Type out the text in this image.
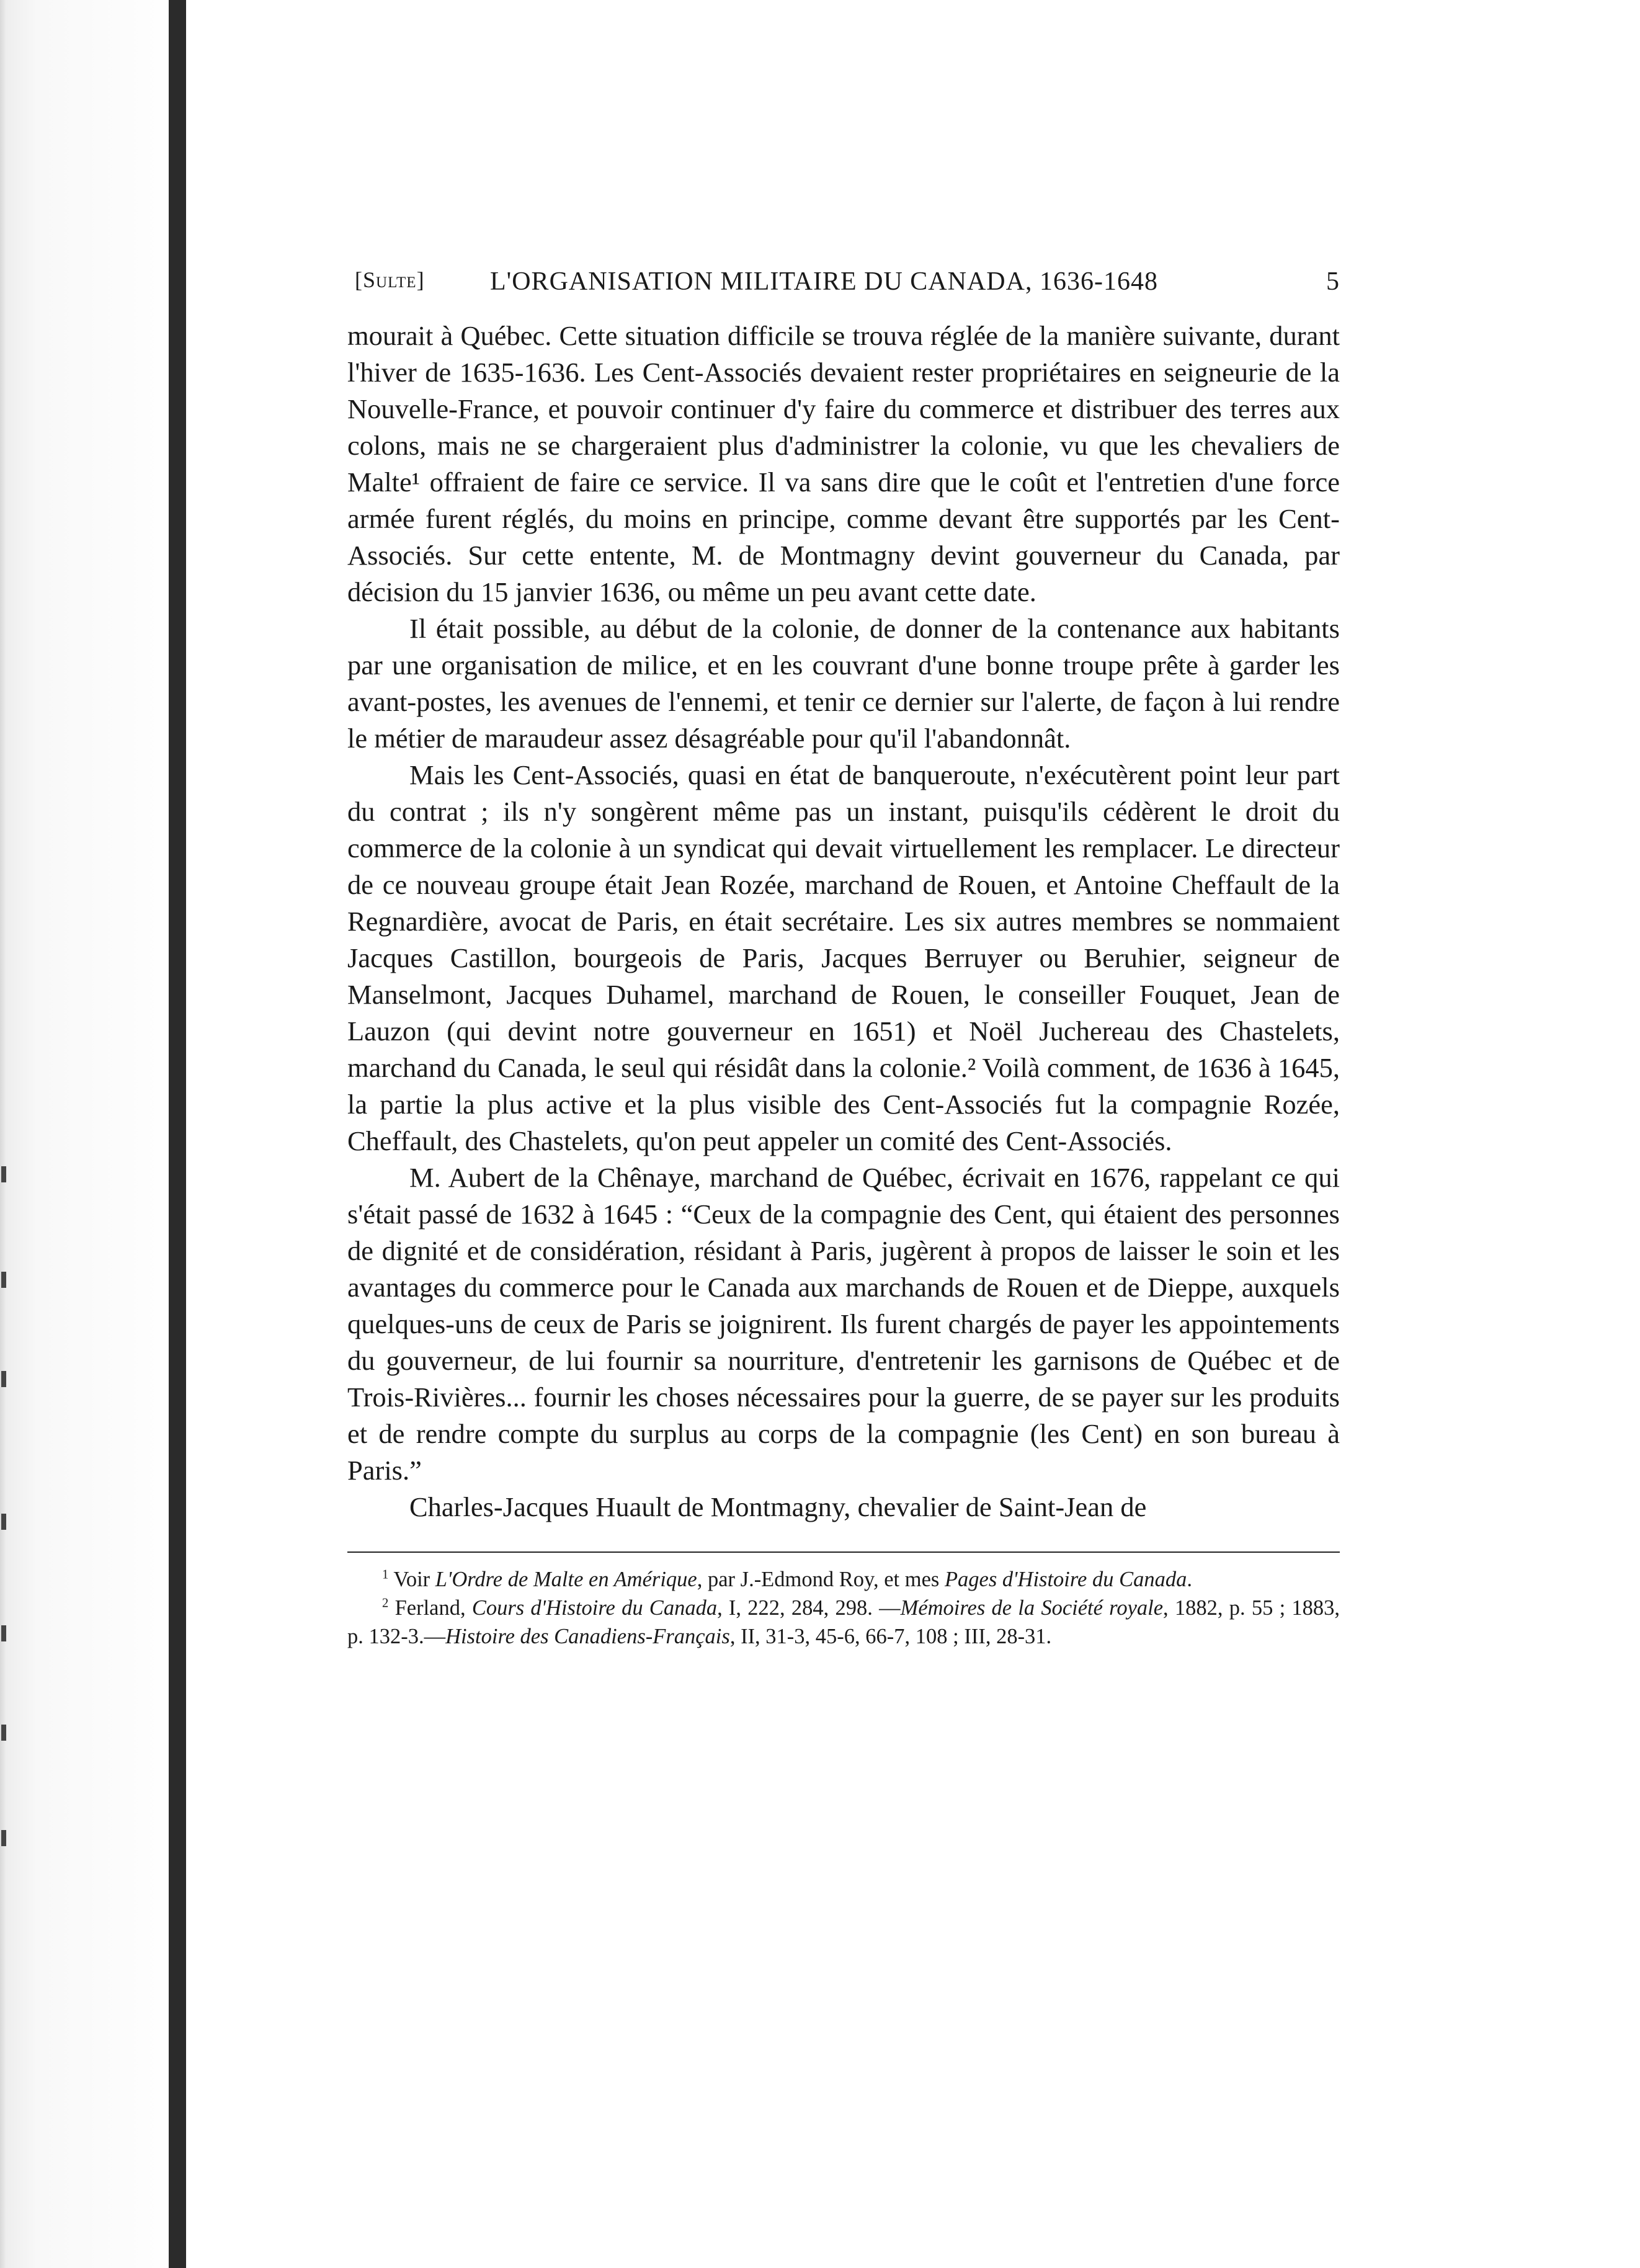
[Sulte]	L'ORGANISATION MILITAIRE DU CANADA, 1636-1648	5

mourait à Québec. Cette situation difficile se trouva réglée de la manière suivante, durant l'hiver de 1635-1636. Les Cent-Associés devaient rester propriétaires en seigneurie de la Nouvelle-France, et pouvoir continuer d'y faire du commerce et distribuer des terres aux colons, mais ne se chargeraient plus d'administrer la colonie, vu que les chevaliers de Malte¹ offraient de faire ce service. Il va sans dire que le coût et l'entretien d'une force armée furent réglés, du moins en principe, comme devant être supportés par les Cent-Associés. Sur cette entente, M. de Montmagny devint gouverneur du Canada, par décision du 15 janvier 1636, ou même un peu avant cette date.

Il était possible, au début de la colonie, de donner de la contenance aux habitants par une organisation de milice, et en les couvrant d'une bonne troupe prête à garder les avant-postes, les avenues de l'ennemi, et tenir ce dernier sur l'alerte, de façon à lui rendre le métier de maraudeur assez désagréable pour qu'il l'abandonnât.

Mais les Cent-Associés, quasi en état de banqueroute, n'exécutèrent point leur part du contrat ; ils n'y songèrent même pas un instant, puisqu'ils cédèrent le droit du commerce de la colonie à un syndicat qui devait virtuellement les remplacer. Le directeur de ce nouveau groupe était Jean Rozée, marchand de Rouen, et Antoine Cheffault de la Regnardière, avocat de Paris, en était secrétaire. Les six autres membres se nommaient Jacques Castillon, bourgeois de Paris, Jacques Berruyer ou Beruhier, seigneur de Manselmont, Jacques Duhamel, marchand de Rouen, le conseiller Fouquet, Jean de Lauzon (qui devint notre gouverneur en 1651) et Noël Juchereau des Chastelets, marchand du Canada, le seul qui résidât dans la colonie.² Voilà comment, de 1636 à 1645, la partie la plus active et la plus visible des Cent-Associés fut la compagnie Rozée, Cheffault, des Chastelets, qu'on peut appeler un comité des Cent-Associés.

M. Aubert de la Chênaye, marchand de Québec, écrivait en 1676, rappelant ce qui s'était passé de 1632 à 1645 : “Ceux de la compagnie des Cent, qui étaient des personnes de dignité et de considération, résidant à Paris, jugèrent à propos de laisser le soin et les avantages du commerce pour le Canada aux marchands de Rouen et de Dieppe, auxquels quelques-uns de ceux de Paris se joignirent. Ils furent chargés de payer les appointements du gouverneur, de lui fournir sa nourriture, d'entretenir les garnisons de Québec et de Trois-Rivières... fournir les choses nécessaires pour la guerre, de se payer sur les produits et de rendre compte du surplus au corps de la compagnie (les Cent) en son bureau à Paris.”

Charles-Jacques Huault de Montmagny, chevalier de Saint-Jean de

$^1$ Voir L'Ordre de Malte en Amérique, par J.-Edmond Roy, et mes Pages d'Histoire du Canada.

$^2$ Ferland, Cours d'Histoire du Canada, I, 222, 284, 298. —Mémoires de la Société royale, 1882, p. 55 ; 1883, p. 132-3.—Histoire des Canadiens-Français, II, 31-3, 45-6, 66-7, 108 ; III, 28-31.
